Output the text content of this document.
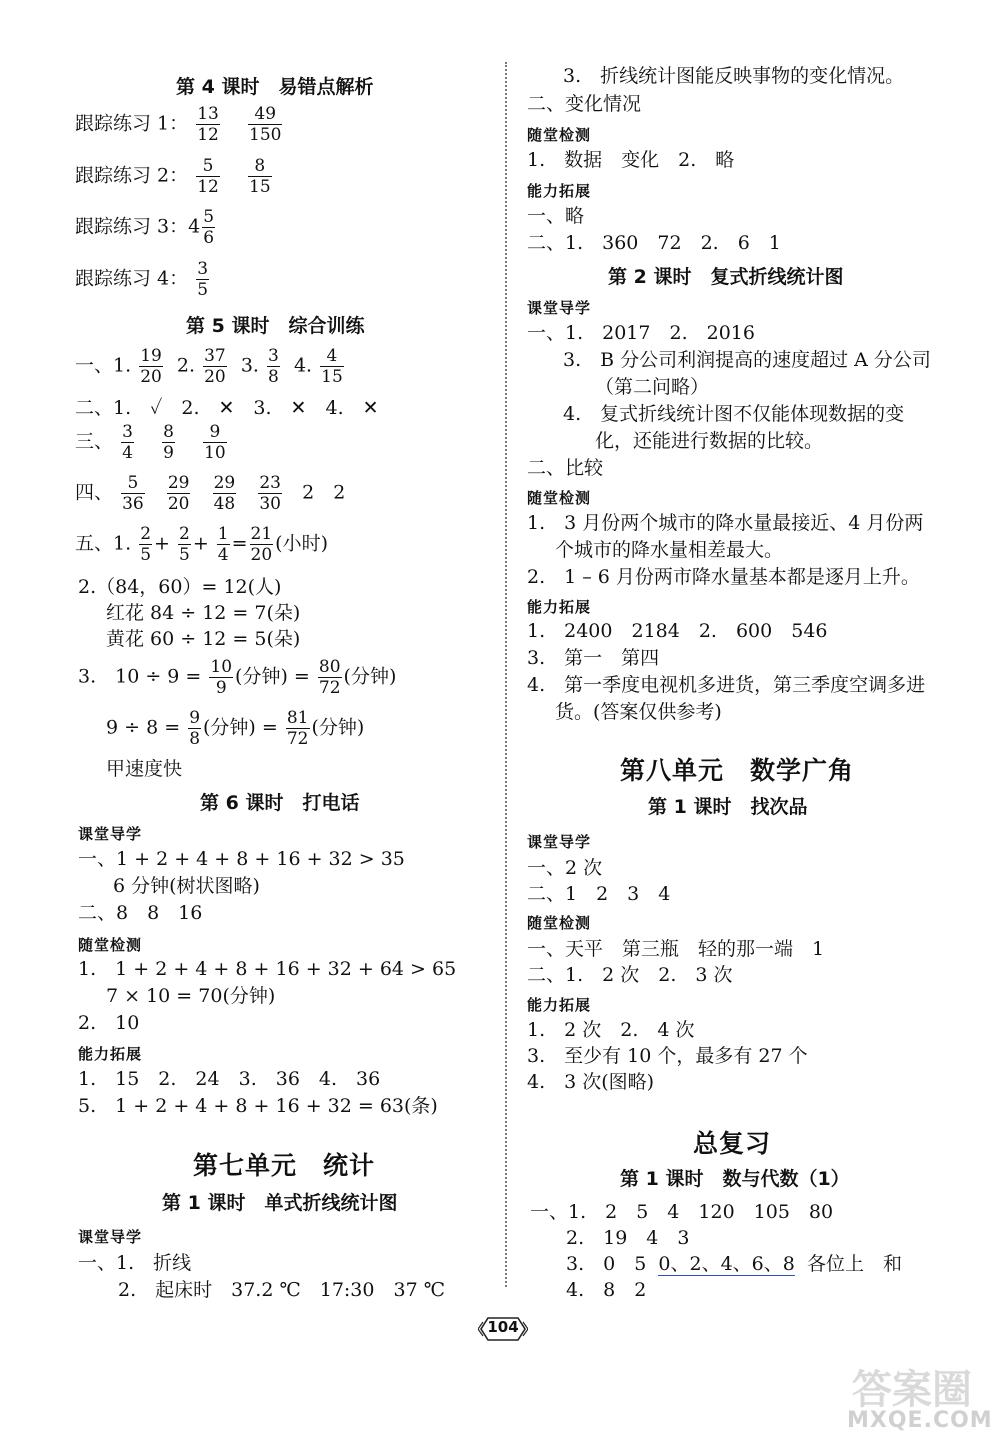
第 4 课时　易错点解析
跟踪练习 1： $\frac{13}{12}$
$\frac{49}{150}$
跟踪练习 2： $\frac{5}{12}$
$\frac{8}{15}$
跟踪练习 3：$4 \frac{5}{6}$
跟踪练习 4： $\frac{3}{5}$
第 5 课时　综合训练
一、1. $\frac{19}{20} 2$. $\frac{37}{20} 3$. $\frac{3}{8} 4$. $\frac{4}{15}$
二、1.　✓　2.　✕　3.　✕　4.　✕
三、 $\frac{3}{4}$
$\frac{8}{9}$
$\frac{9}{10}$
四、 $\frac{5}{36}$
$\frac{29}{20}$
$\frac{29}{48}$
$\frac{23}{30} 2$　2
五、1. $\frac{2}{5} + \frac{2}{5} + \frac{1}{4} = \frac{21}{20}$ (小时)
2.（84，60）= 12(人)
红花 84 ÷ 12 = 7(朵)
黄花 60 ÷ 12 = 5(朵)
3.　$10 \div 9 = \frac{10}{9}$ (分钟) = $\frac{80}{72}$ (分钟)
$9 \div 8 = \frac{9}{8}$ (分钟) = $\frac{81}{72}$ (分钟)
甲速度快
第 6 课时　打电话
课堂导学
一、1 + 2 + 4 + 8 + 16 + 32 > 35
6 分钟(树状图略)
二、8　8　16
随堂检测
1.　1 + 2 + 4 + 8 + 16 + 32 + 64 > 65
7 × 10 = 70(分钟)
2.　10
能力拓展
1.　15　2.　24　3.　36　4.　36
5.　1 + 2 + 4 + 8 + 16 + 32 = 63(条)
第七单元　统计
第 1 课时　单式折线统计图
课堂导学
一、1.　折线
2.　起床时　37.2 ℃　17:30　37 ℃
3.　折线统计图能反映事物的变化情况。
二、变化情况
随堂检测
1.　数据　变化　2.　略
能力拓展
一、略
二、1.　360　72　2.　6　1
第 2 课时　复式折线统计图
课堂导学
一、1.　2017　2.　2016
3.　B 分公司利润提高的速度超过 A 分公司
（第二问略）
4.　复式折线统计图不仅能体现数据的变
化，还能进行数据的比较。
二、比较
随堂检测
1.　3 月份两个城市的降水量最接近、4 月份两
个城市的降水量相差最大。
2.　1 – 6 月份两市降水量基本都是逐月上升。
能力拓展
1.　2400　2184　2.　600　546
3.　第一　第四
4.　第一季度电视机多进货，第三季度空调多进
货。(答案仅供参考)
第八单元　数学广角
第 1 课时　找次品
课堂导学
一、2 次
二、1　2　3　4
随堂检测
一、天平　第三瓶　轻的那一端　1
二、1.　2 次　2.　3 次
能力拓展
1.　2 次　2.　4 次
3.　至少有 10 个，最多有 27 个
4.　3 次(图略)
总复习
第 1 课时　数与代数（1）
一、1.　2　5　4　120　105　80
2.　19　4　3
3.　0　5 0、2、4、6、8 各位上　和
4.　8　2
104
答案圈
MXQE.COM
